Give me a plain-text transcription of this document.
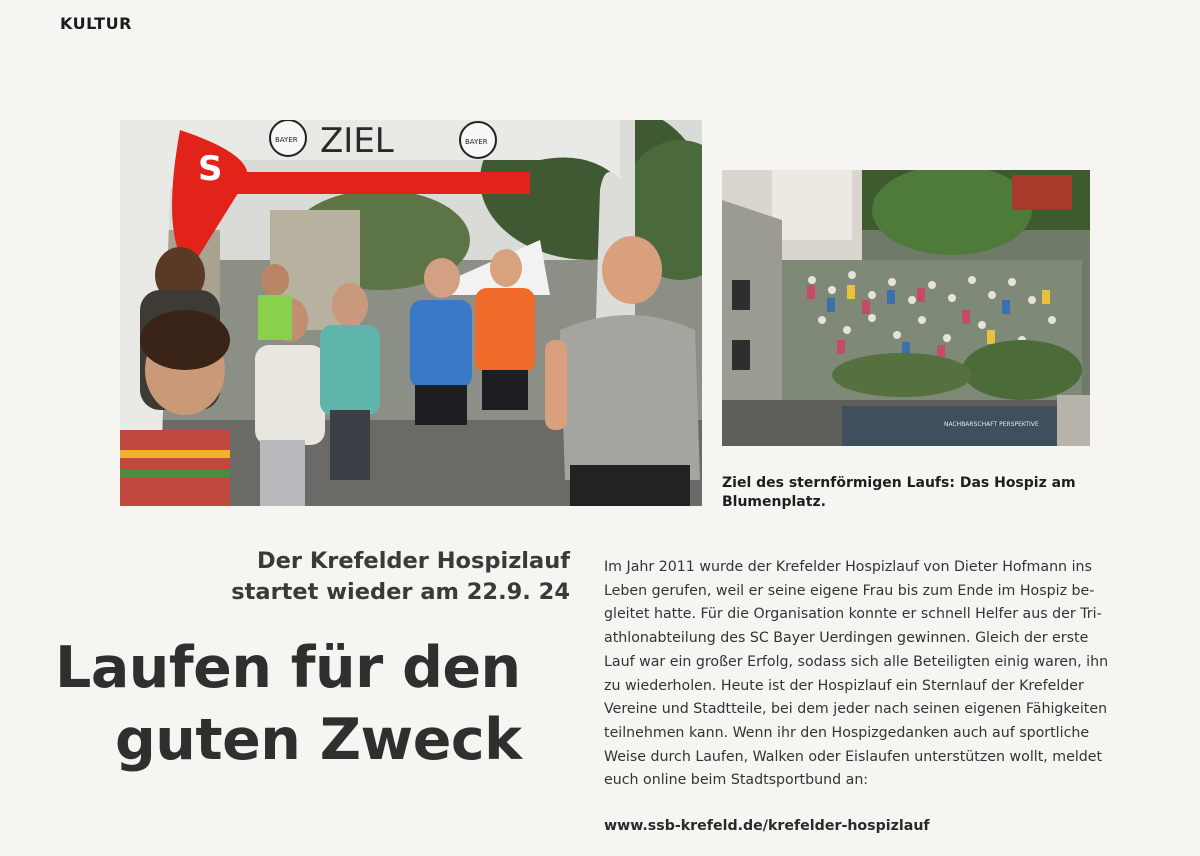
KULTUR
S
BAYER	BAYER
ZIEL
NACHBARSCHAFT PERSPEKTIVE
Ziel des sternförmigen Laufs: Das Hospiz am
Blumenplatz.
Der Krefelder Hospizlauf
startet wieder am 22.9. 24
Laufen für den
guten Zweck

Im Jahr 2011 wurde der Krefelder Hospizlauf von Dieter Hofmann ins
Leben gerufen, weil er seine eigene Frau bis zum Ende im Hospiz be-
gleitet hatte. Für die Organisation konnte er schnell Helfer aus der Tri-
athlonabteilung des SC Bayer Uerdingen gewinnen. Gleich der erste
Lauf war ein großer Erfolg, sodass sich alle Beteiligten einig waren, ihn
zu wiederholen. Heute ist der Hospizlauf ein Sternlauf der Krefelder
Vereine und Stadtteile, bei dem jeder nach seinen eigenen Fähigkeiten
teilnehmen kann. Wenn ihr den Hospizgedanken auch auf sportliche
Weise durch Laufen, Walken oder Eislaufen unterstützen wollt, meldet
euch online beim Stadtsportbund an:

www.ssb-krefeld.de/krefelder-hospizlauf
